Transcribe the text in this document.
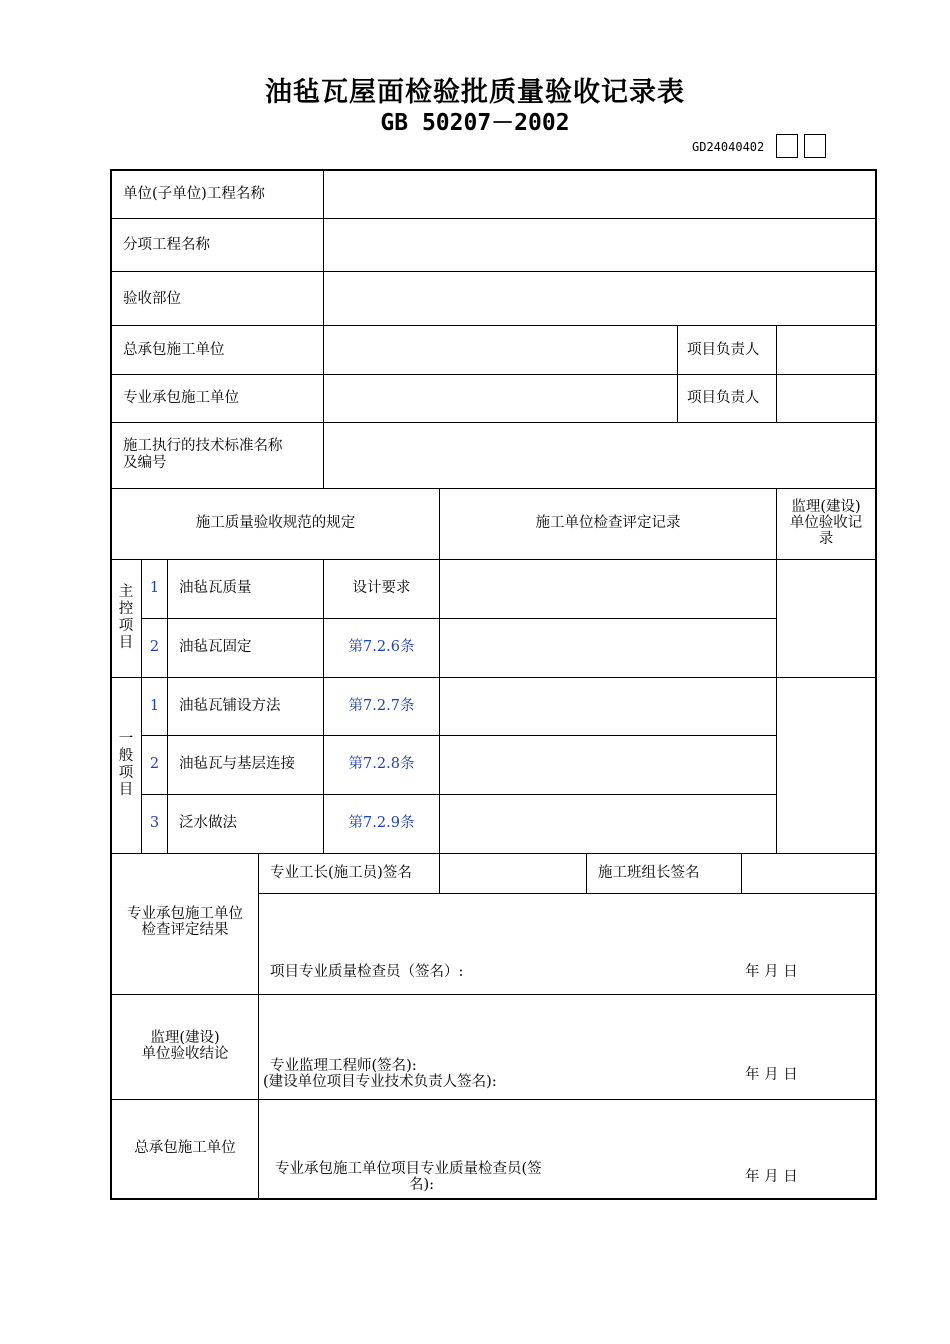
油毡瓦屋面检验批质量验收记录表
GB 50207－2002
GD24040402
单位(子单位)工程名称
分项工程名称
验收部位
总承包施工单位	项目负责人
专业承包施工单位	项目负责人
施工执行的技术标准名称
及编号
施工质量验收规范的规定	施工单位检查评定记录
监理(建设)
单位验收记
录
主
控
项
目
1	油毡瓦质量	设计要求
2	油毡瓦固定	第7.2.6条
一
般
项
目
1	油毡瓦铺设方法	第7.2.7条
2	油毡瓦与基层连接	第7.2.8条
3	泛水做法	第7.2.9条
专业承包施工单位
检查评定结果
专业工长(施工员)签名	施工班组长签名
项目专业质量检查员（签名）:	年 月 日
监理(建设)
单位验收结论
专业监理工程师(签名):
(建设单位项目专业技术负责人签名):	年 月 日
总承包施工单位
专业承包施工单位项目专业质量检查员(签
名):	年 月 日
